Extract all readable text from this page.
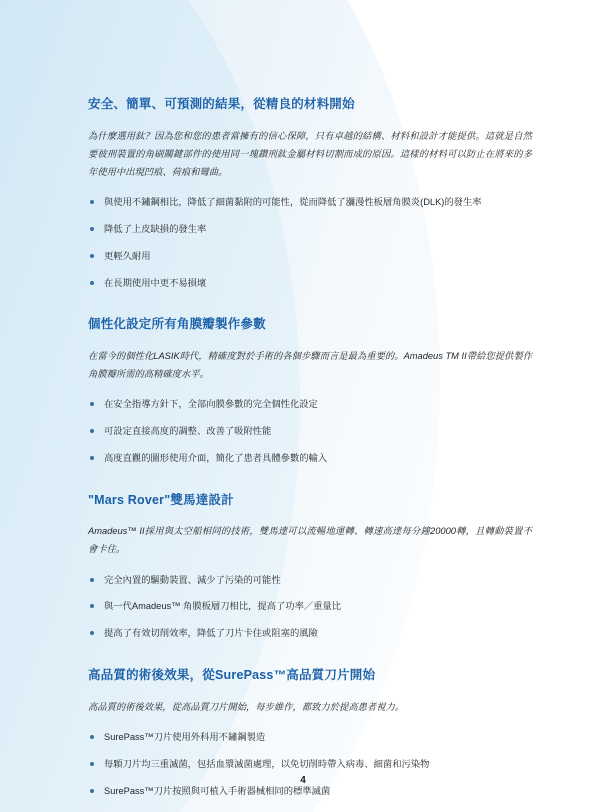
安全、簡單、可預測的結果，從精良的材料開始

為什麼選用鈦？因為您和您的患者當擁有的信心保障，只有卓越的結構、材料和設計才能提供。這就是自然要彼刑裝置的角刷關鍵部件的使用同一塊鑽刑鈦金屬材料切割而成的原因。這樣的材料可以防止在將來的多年使用中出現凹痕、荷痕和彎曲。

與使用不鏽鋼相比，降低了細菌黏附的可能性，從而降低了瀰漫性板層角膜炎(DLK)的發生率
降低了上皮缺損的發生率
更輕久耐用
在長期使用中更不易損壞
個性化設定所有角膜瓣製作參數

在當今的個性化LASIK時代，精確度對於手術的各個步驟而言是最為重要的。Amadeus TM II帶給您提供製作角膜瓣所需的高精確度水平。

在安全指導方針下，全部向膜參數的完全個性化設定
可設定直接高度的調整、改善了吸附性能
高度直觀的圖形使用介面，簡化了患者具體參數的輸入
"Mars Rover"雙馬達設計

Amadeus™ II採用與太空船相同的技術，雙馬達可以流暢地運轉、轉速高達每分鐘20000轉，且轉動裝置不會卡住。

完全內置的驅動裝置、減少了污染的可能性
與一代Amadeus™ 角膜板層刀相比，提高了功率／重量比
提高了有效切削效率，降低了刀片卡住或阻塞的風險
高品質的術後效果，從SurePass™高品質刀片開始

高品質的術後效果，從高品質刀片開始，每步維作，都致力於提高患者視力。

SurePass™刀片使用外科用不鏽鋼製造
每顆刀片均三重滅菌，包括血漿滅菌處理，以免切削時帶入病毒、細菌和污染物
SurePass™刀片按照與可植入手術器械相同的標準滅菌
4
